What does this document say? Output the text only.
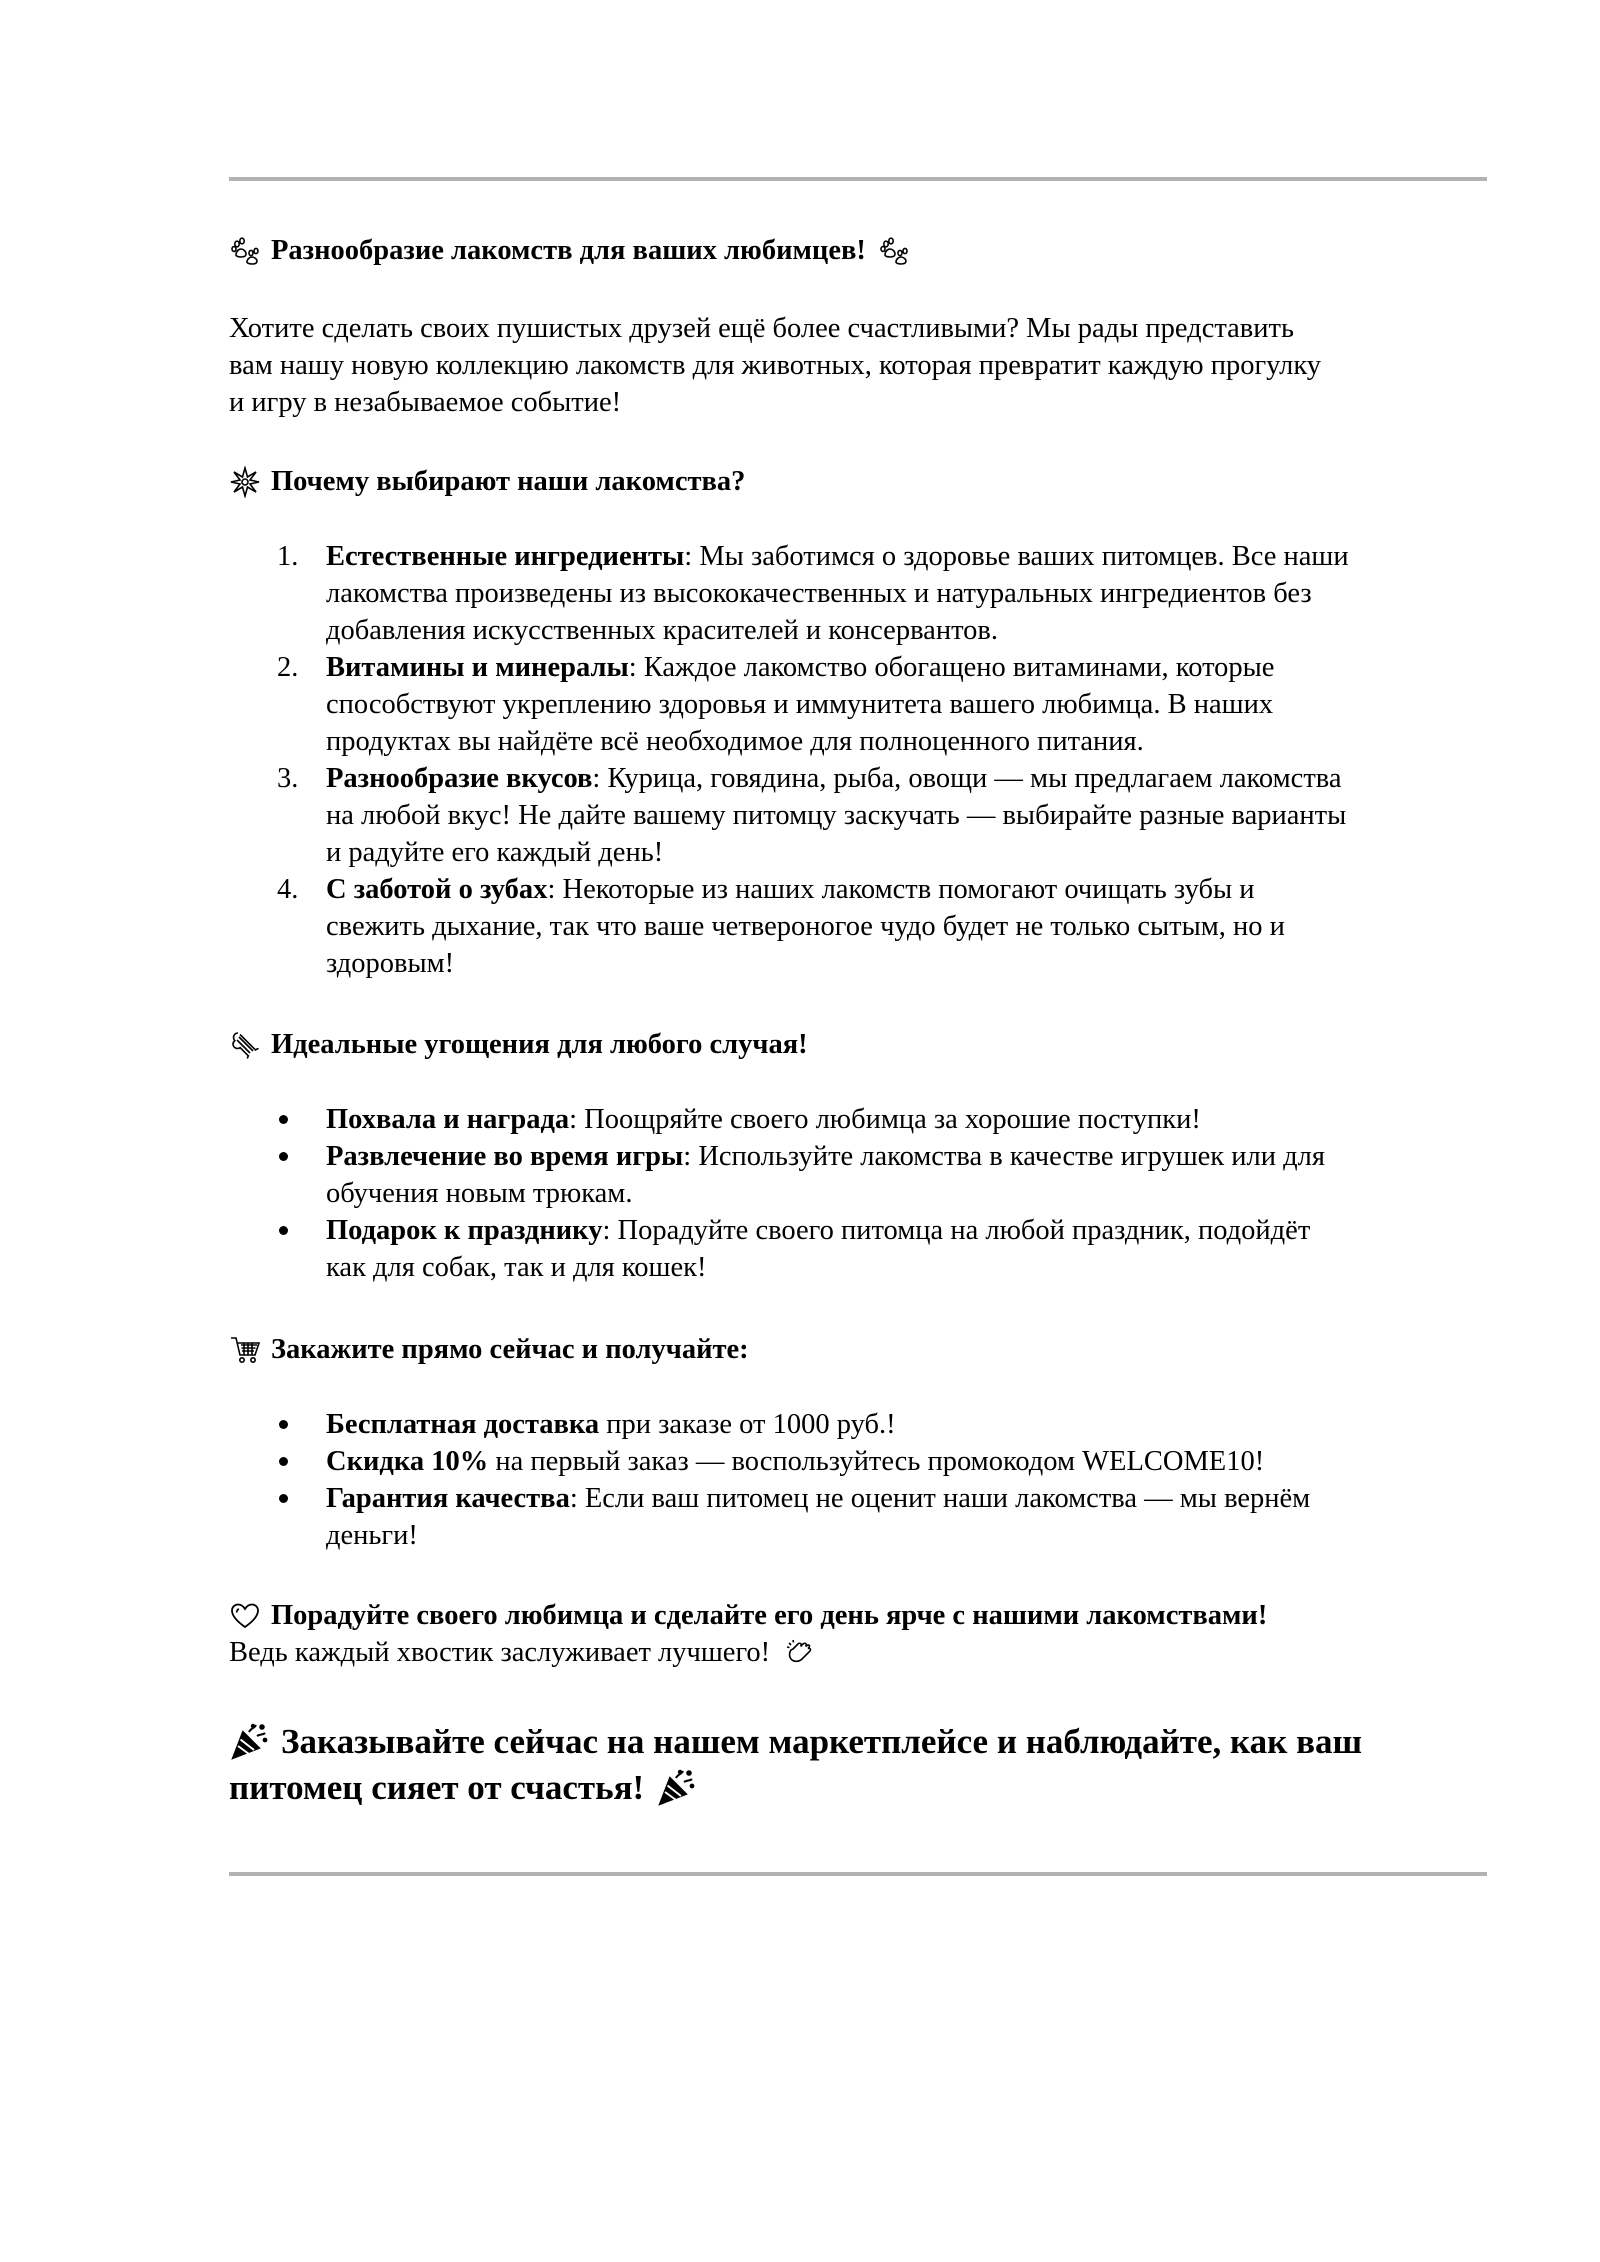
Разнообразие лакомств для ваших любимцев!
Хотите сделать своих пушистых друзей ещё более счастливыми? Мы рады представить
вам нашу новую коллекцию лакомств для животных, которая превратит каждую прогулку
и игру в незабываемое событие!
Почему выбирают наши лакомства?
1. Естественные ингредиенты: Мы заботимся о здоровье ваших питомцев. Все наши
лакомства произведены из высококачественных и натуральных ингредиентов без
добавления искусственных красителей и консервантов.
2. Витамины и минералы: Каждое лакомство обогащено витаминами, которые
способствуют укреплению здоровья и иммунитета вашего любимца. В наших
продуктах вы найдёте всё необходимое для полноценного питания.
3. Разнообразие вкусов: Курица, говядина, рыба, овощи — мы предлагаем лакомства
на любой вкус! Не дайте вашему питомцу заскучать — выбирайте разные варианты
и радуйте его каждый день!
4. С заботой о зубах: Некоторые из наших лакомств помогают очищать зубы и
свежить дыхание, так что ваше четвероногое чудо будет не только сытым, но и
здоровым!
Идеальные угощения для любого случая!
Похвала и награда: Поощряйте своего любимца за хорошие поступки!
Развлечение во время игры: Используйте лакомства в качестве игрушек или для
обучения новым трюкам.
Подарок к празднику: Порадуйте своего питомца на любой праздник, подойдёт
как для собак, так и для кошек!
Закажите прямо сейчас и получайте:
Бесплатная доставка при заказе от 1000 руб.!
Скидка 10% на первый заказ — воспользуйтесь промокодом WELCOME10!
Гарантия качества: Если ваш питомец не оценит наши лакомства — мы вернём
деньги!
Порадуйте своего любимца и сделайте его день ярче с нашими лакомствами!
Ведь каждый хвостик заслуживает лучшего!
Заказывайте сейчас на нашем маркетплейсе и наблюдайте, как ваш
питомец сияет от счастья!
